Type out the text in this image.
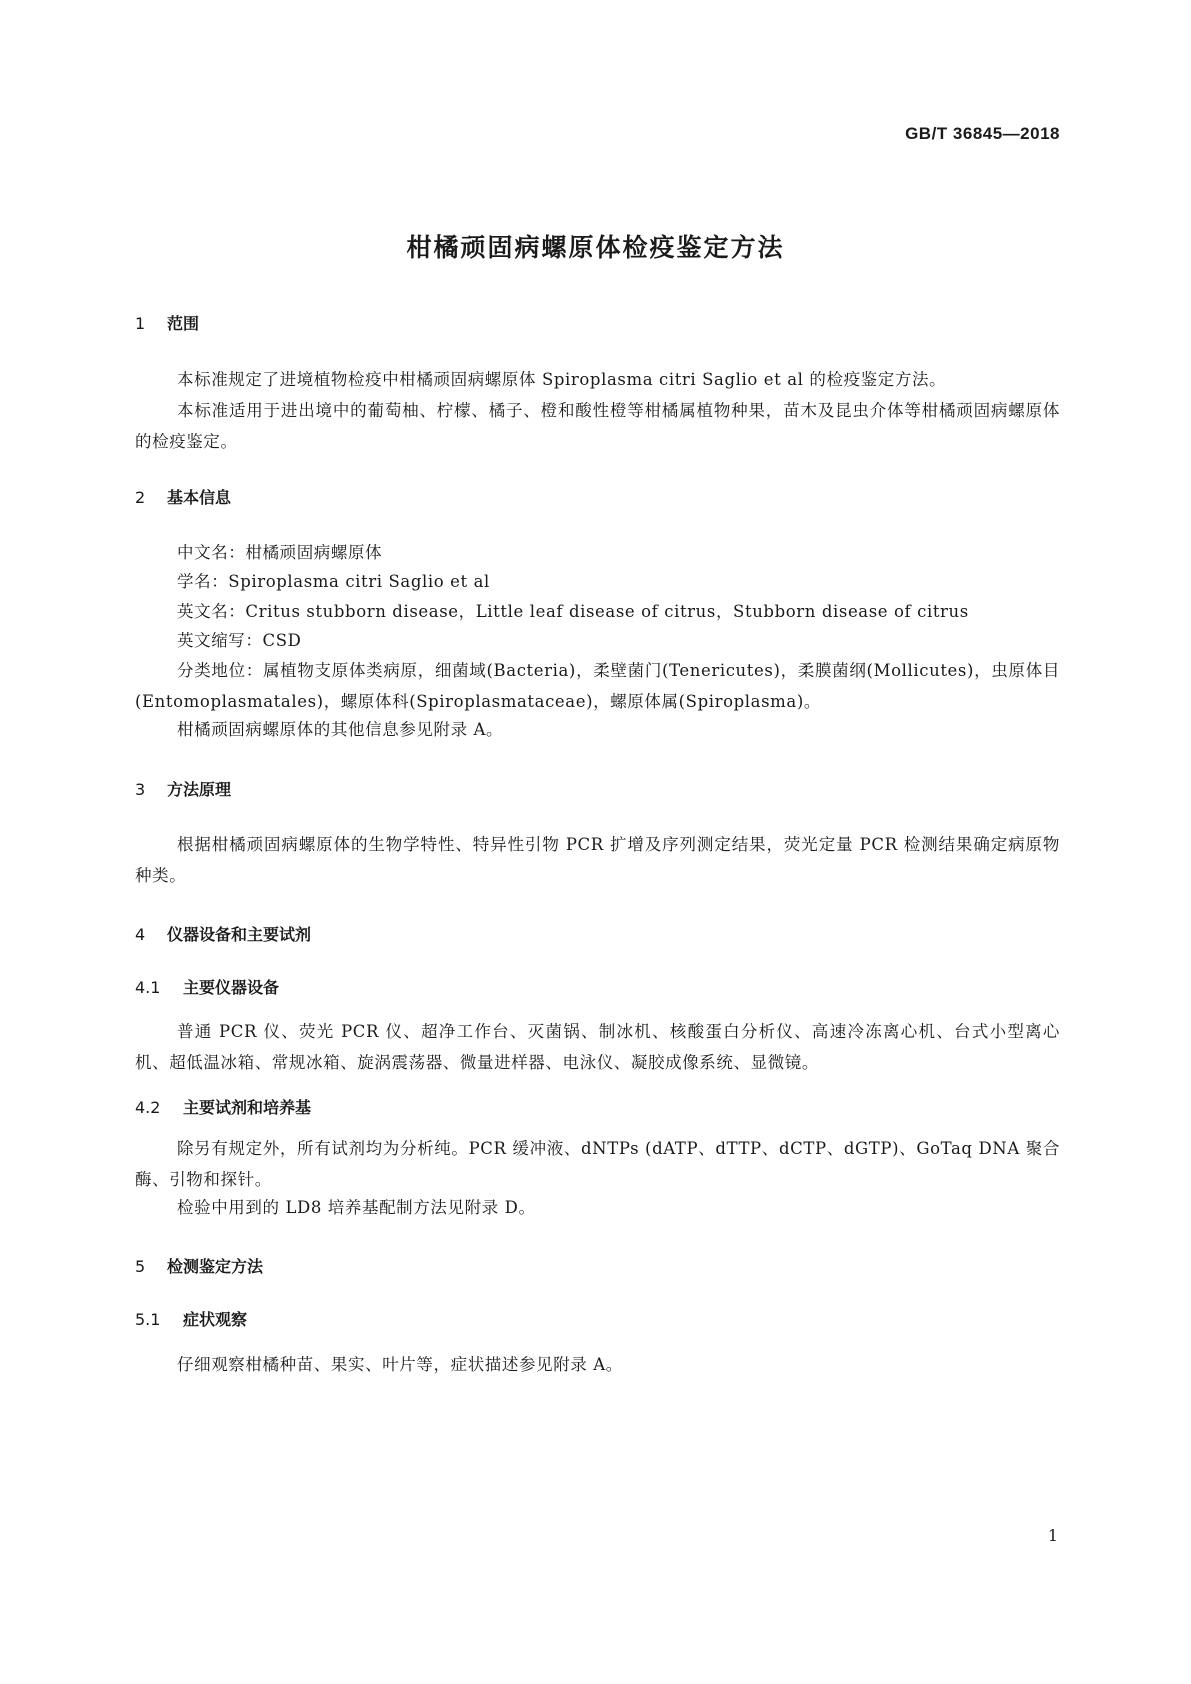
GB/T 36845—2018
柑橘顽固病螺原体检疫鉴定方法
1 范围

本标准规定了进境植物检疫中柑橘顽固病螺原体 Spiroplasma citri Saglio et al 的检疫鉴定方法。

本标准适用于进出境中的葡萄柚、柠檬、橘子、橙和酸性橙等柑橘属植物种果，苗木及昆虫介体等柑橘顽固病螺原体的检疫鉴定。

2 基本信息

中文名：柑橘顽固病螺原体

学名：Spiroplasma citri Saglio et al

英文名：Critus stubborn disease，Little leaf disease of citrus，Stubborn disease of citrus

英文缩写：CSD

分类地位：属植物支原体类病原，细菌域(Bacteria)，柔壁菌门(Tenericutes)，柔膜菌纲(Mollicutes)，虫原体目(Entomoplasmatales)，螺原体科(Spiroplasmataceae)，螺原体属(Spiroplasma)。

柑橘顽固病螺原体的其他信息参见附录 A。

3 方法原理

根据柑橘顽固病螺原体的生物学特性、特异性引物 PCR 扩增及序列测定结果，荧光定量 PCR 检测结果确定病原物种类。

4 仪器设备和主要试剂
4.1 主要仪器设备

普通 PCR 仪、荧光 PCR 仪、超净工作台、灭菌锅、制冰机、核酸蛋白分析仪、高速冷冻离心机、台式小型离心机、超低温冰箱、常规冰箱、旋涡震荡器、微量进样器、电泳仪、凝胶成像系统、显微镜。

4.2 主要试剂和培养基

除另有规定外，所有试剂均为分析纯。PCR 缓冲液、dNTPs (dATP、dTTP、dCTP、dGTP)、GoTaq DNA 聚合酶、引物和探针。

检验中用到的 LD8 培养基配制方法见附录 D。

5 检测鉴定方法
5.1 症状观察

仔细观察柑橘种苗、果实、叶片等，症状描述参见附录 A。

1
